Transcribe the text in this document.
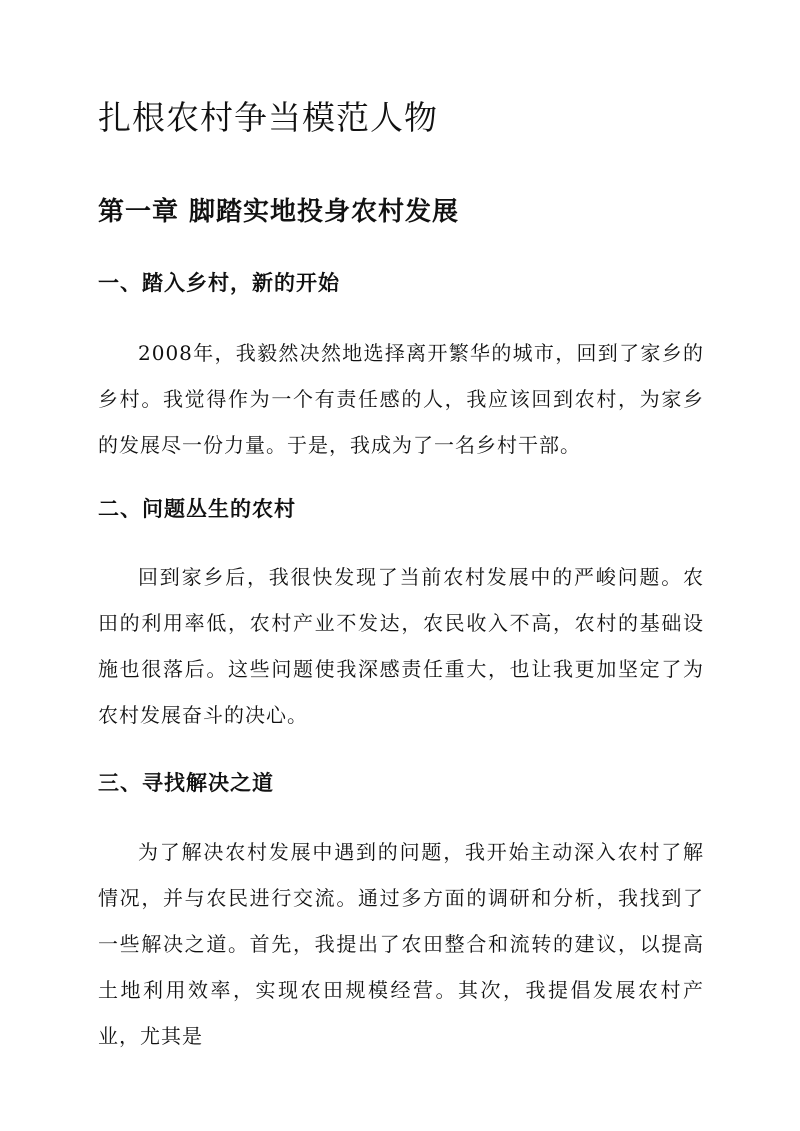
扎根农村争当模范人物
第一章 脚踏实地投身农村发展
一、踏入乡村，新的开始

2008年，我毅然决然地选择离开繁华的城市，回到了家乡的乡村。我觉得作为一个有责任感的人，我应该回到农村，为家乡的发展尽一份力量。于是，我成为了一名乡村干部。

二、问题丛生的农村

回到家乡后，我很快发现了当前农村发展中的严峻问题。农田的利用率低，农村产业不发达，农民收入不高，农村的基础设施也很落后。这些问题使我深感责任重大，也让我更加坚定了为农村发展奋斗的决心。

三、寻找解决之道

为了解决农村发展中遇到的问题，我开始主动深入农村了解情况，并与农民进行交流。通过多方面的调研和分析，我找到了一些解决之道。首先，我提出了农田整合和流转的建议，以提高土地利用效率，实现农田规模经营。其次，我提倡发展农村产业，尤其是
